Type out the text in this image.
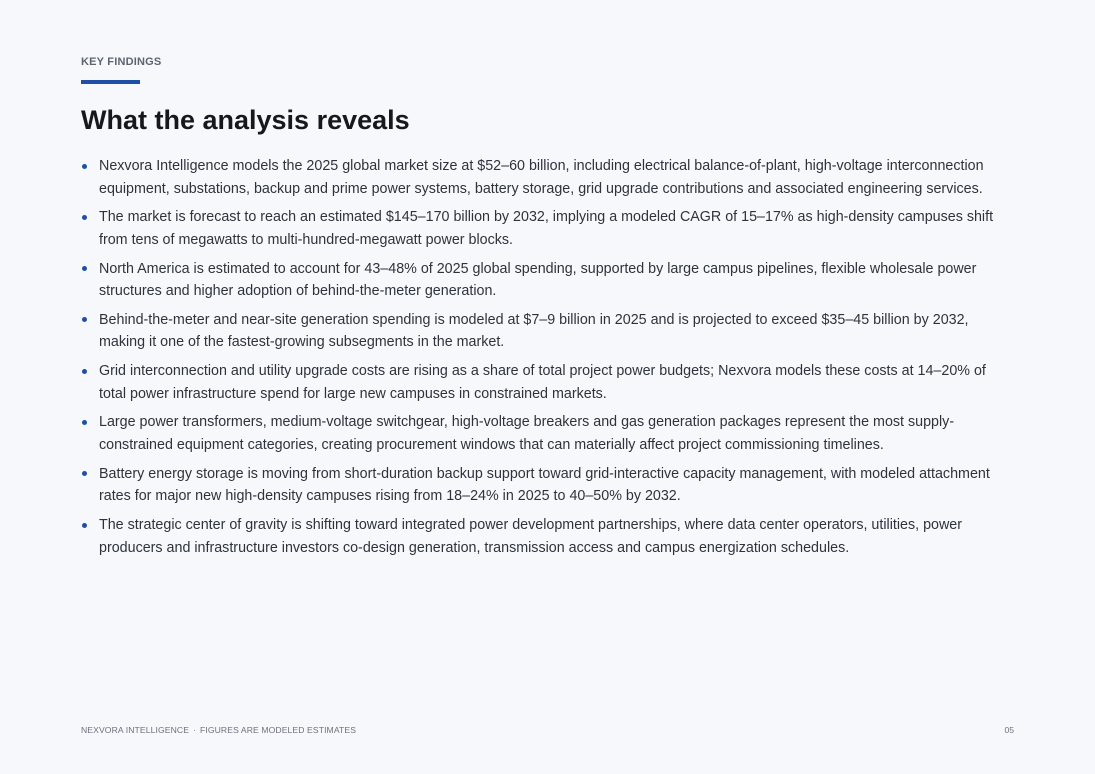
KEY FINDINGS
What the analysis reveals
Nexvora Intelligence models the 2025 global market size at $52–60 billion, including electrical balance-of-plant, high-voltage interconnection equipment, substations, backup and prime power systems, battery storage, grid upgrade contributions and associated engineering services.
The market is forecast to reach an estimated $145–170 billion by 2032, implying a modeled CAGR of 15–17% as high-density campuses shift from tens of megawatts to multi-hundred-megawatt power blocks.
North America is estimated to account for 43–48% of 2025 global spending, supported by large campus pipelines, flexible wholesale power structures and higher adoption of behind-the-meter generation.
Behind-the-meter and near-site generation spending is modeled at $7–9 billion in 2025 and is projected to exceed $35–45 billion by 2032, making it one of the fastest-growing subsegments in the market.
Grid interconnection and utility upgrade costs are rising as a share of total project power budgets; Nexvora models these costs at 14–20% of total power infrastructure spend for large new campuses in constrained markets.
Large power transformers, medium-voltage switchgear, high-voltage breakers and gas generation packages represent the most supply-constrained equipment categories, creating procurement windows that can materially affect project commissioning timelines.
Battery energy storage is moving from short-duration backup support toward grid-interactive capacity management, with modeled attachment rates for major new high-density campuses rising from 18–24% in 2025 to 40–50% by 2032.
The strategic center of gravity is shifting toward integrated power development partnerships, where data center operators, utilities, power producers and infrastructure investors co-design generation, transmission access and campus energization schedules.
NEXVORA INTELLIGENCE · FIGURES ARE MODELED ESTIMATES	05
